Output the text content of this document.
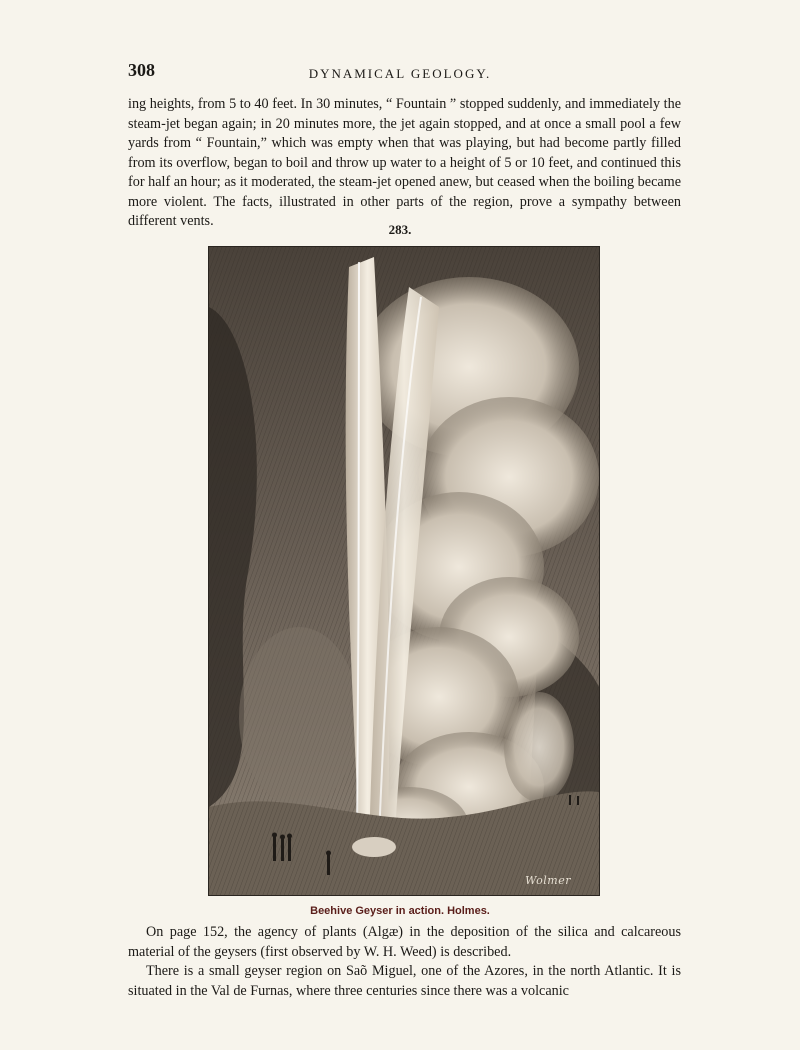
308	DYNAMICAL GEOLOGY.

ing heights, from 5 to 40 feet. In 30 minutes, “ Fountain ” stopped suddenly, and immediately the steam-jet began again; in 20 minutes more, the jet again stopped, and at once a small pool a few yards from “ Fountain,” which was empty when that was playing, but had become partly filled from its overflow, began to boil and throw up water to a height of 5 or 10 feet, and continued this for half an hour; as it moderated, the steam-jet opened anew, but ceased when the boiling became more violent. The facts, illustrated in other parts of the region, prove a sympathy between different vents.

283.
Wolmer
Beehive Geyser in action. Holmes.

On page 152, the agency of plants (Algæ) in the deposition of the silica and calcareous material of the geysers (first observed by W. H. Weed) is described.

There is a small geyser region on Saõ Miguel, one of the Azores, in the north Atlantic. It is situated in the Val de Furnas, where three centuries since there was a volcanic
